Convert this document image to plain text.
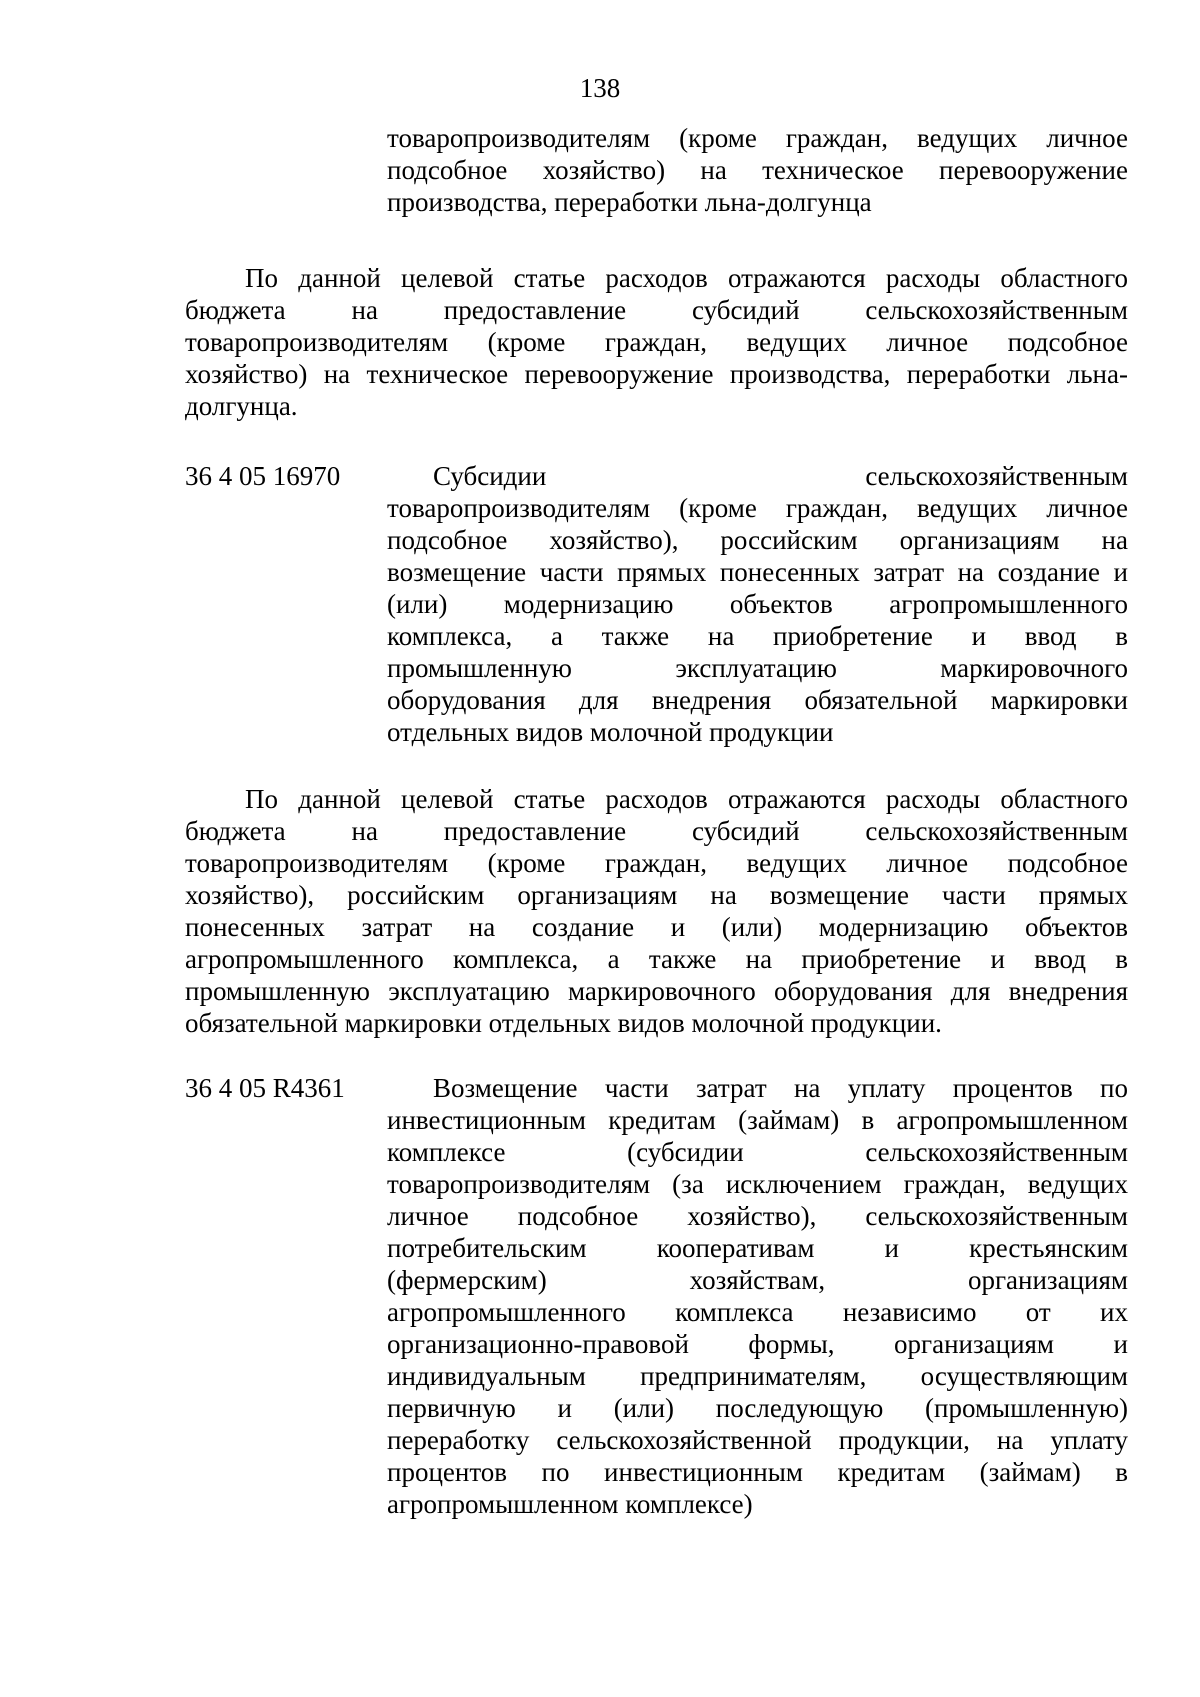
138
товаропроизводителям (кроме граждан, ведущих личное
подсобное хозяйство) на техническое перевооружение
производства, переработки льна-долгунца
По данной целевой статье расходов отражаются расходы областного
бюджета на предоставление субсидий сельскохозяйственным
товаропроизводителям (кроме граждан, ведущих личное подсобное
хозяйство) на техническое перевооружение производства, переработки льна-
долгунца.
36 4 05 16970	Субсидии сельскохозяйственным
товаропроизводителям (кроме граждан, ведущих личное
подсобное хозяйство), российским организациям на
возмещение части прямых понесенных затрат на создание и
(или) модернизацию объектов агропромышленного
комплекса, а также на приобретение и ввод в
промышленную эксплуатацию маркировочного
оборудования для внедрения обязательной маркировки
отдельных видов молочной продукции
По данной целевой статье расходов отражаются расходы областного
бюджета на предоставление субсидий сельскохозяйственным
товаропроизводителям (кроме граждан, ведущих личное подсобное
хозяйство), российским организациям на возмещение части прямых
понесенных затрат на создание и (или) модернизацию объектов
агропромышленного комплекса, а также на приобретение и ввод в
промышленную эксплуатацию маркировочного оборудования для внедрения
обязательной маркировки отдельных видов молочной продукции.
36 4 05 R4361	Возмещение части затрат на уплату процентов по
инвестиционным кредитам (займам) в агропромышленном
комплексе (субсидии сельскохозяйственным
товаропроизводителям (за исключением граждан, ведущих
личное подсобное хозяйство), сельскохозяйственным
потребительским кооперативам и крестьянским
(фермерским) хозяйствам, организациям
агропромышленного комплекса независимо от их
организационно-правовой формы, организациям и
индивидуальным предпринимателям, осуществляющим
первичную и (или) последующую (промышленную)
переработку сельскохозяйственной продукции, на уплату
процентов по инвестиционным кредитам (займам) в
агропромышленном комплексе)
